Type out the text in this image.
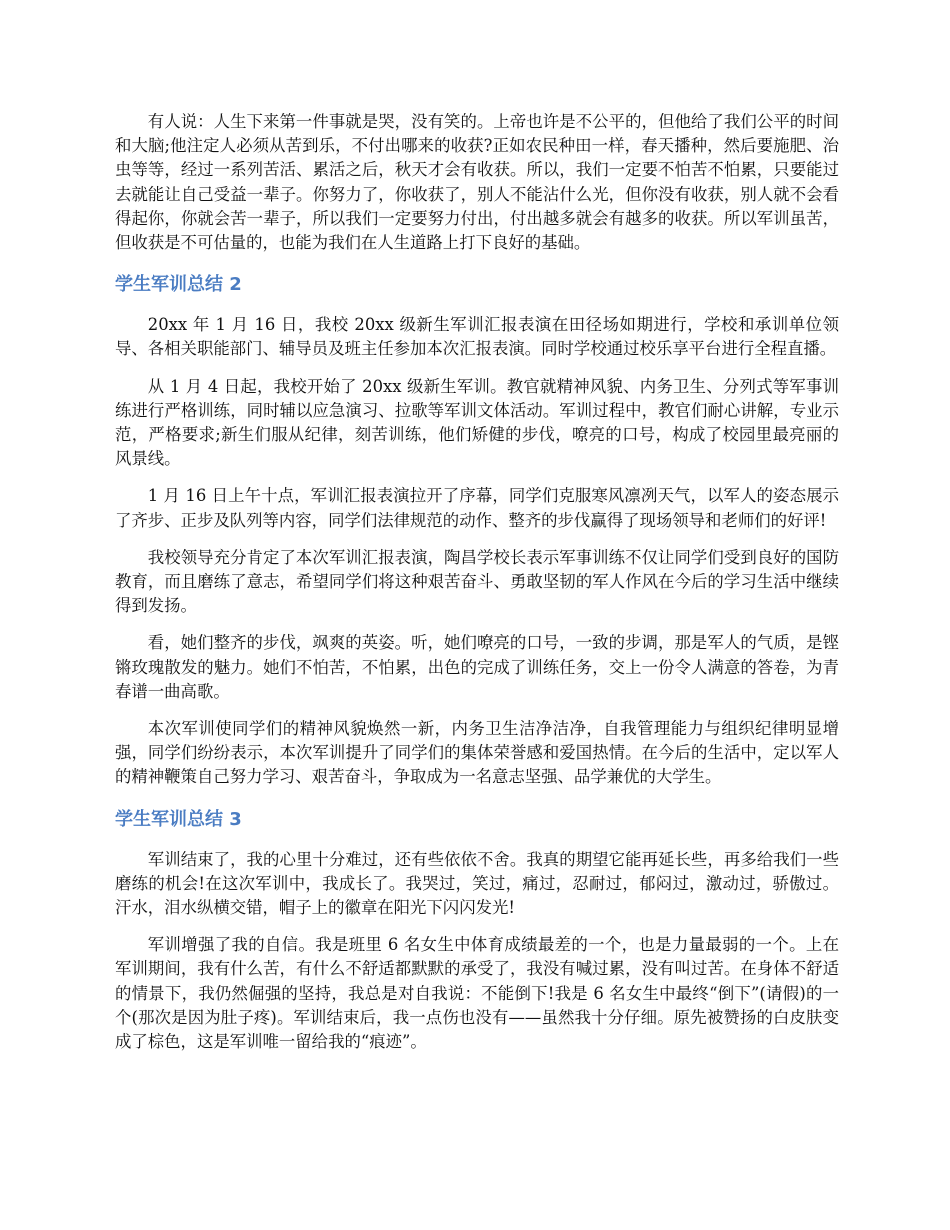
有人说：人生下来第一件事就是哭，没有笑的。上帝也许是不公平的，但他给了我们公平的时间和大脑;他注定人必须从苦到乐，不付出哪来的收获?正如农民种田一样，春天播种，然后要施肥、治虫等等，经过一系列苦活、累活之后，秋天才会有收获。所以，我们一定要不怕苦不怕累，只要能过去就能让自己受益一辈子。你努力了，你收获了，别人不能沾什么光，但你没有收获，别人就不会看得起你，你就会苦一辈子，所以我们一定要努力付出，付出越多就会有越多的收获。所以军训虽苦，但收获是不可估量的，也能为我们在人生道路上打下良好的基础。

学生军训总结 2

20xx 年 1 月 16 日，我校 20xx 级新生军训汇报表演在田径场如期进行，学校和承训单位领导、各相关职能部门、辅导员及班主任参加本次汇报表演。同时学校通过校乐享平台进行全程直播。

从 1 月 4 日起，我校开始了 20xx 级新生军训。教官就精神风貌、内务卫生、分列式等军事训练进行严格训练，同时辅以应急演习、拉歌等军训文体活动。军训过程中，教官们耐心讲解，专业示范，严格要求;新生们服从纪律，刻苦训练，他们矫健的步伐，嘹亮的口号，构成了校园里最亮丽的风景线。

1 月 16 日上午十点，军训汇报表演拉开了序幕，同学们克服寒风凛冽天气，以军人的姿态展示了齐步、正步及队列等内容，同学们法律规范的动作、整齐的步伐赢得了现场领导和老师们的好评!

我校领导充分肯定了本次军训汇报表演，陶昌学校长表示军事训练不仅让同学们受到良好的国防教育，而且磨练了意志，希望同学们将这种艰苦奋斗、勇敢坚韧的军人作风在今后的学习生活中继续得到发扬。

看，她们整齐的步伐，飒爽的英姿。听，她们嘹亮的口号，一致的步调，那是军人的气质，是铿锵玫瑰散发的魅力。她们不怕苦，不怕累，出色的完成了训练任务，交上一份令人满意的答卷，为青春谱一曲高歌。

本次军训使同学们的精神风貌焕然一新，内务卫生洁净洁净，自我管理能力与组织纪律明显增强，同学们纷纷表示，本次军训提升了同学们的集体荣誉感和爱国热情。在今后的生活中，定以军人的精神鞭策自己努力学习、艰苦奋斗，争取成为一名意志坚强、品学兼优的大学生。

学生军训总结 3

军训结束了，我的心里十分难过，还有些依依不舍。我真的期望它能再延长些，再多给我们一些磨练的机会!在这次军训中，我成长了。我哭过，笑过，痛过，忍耐过，郁闷过，激动过，骄傲过。汗水，泪水纵横交错，帽子上的徽章在阳光下闪闪发光!

军训增强了我的自信。我是班里 6 名女生中体育成绩最差的一个，也是力量最弱的一个。上在军训期间，我有什么苦，有什么不舒适都默默的承受了，我没有喊过累，没有叫过苦。在身体不舒适的情景下，我仍然倔强的坚持，我总是对自我说：不能倒下!我是 6 名女生中最终“倒下”(请假)的一个(那次是因为肚子疼)。军训结束后，我一点伤也没有——虽然我十分仔细。原先被赞扬的白皮肤变成了棕色，这是军训唯一留给我的“痕迹”。
